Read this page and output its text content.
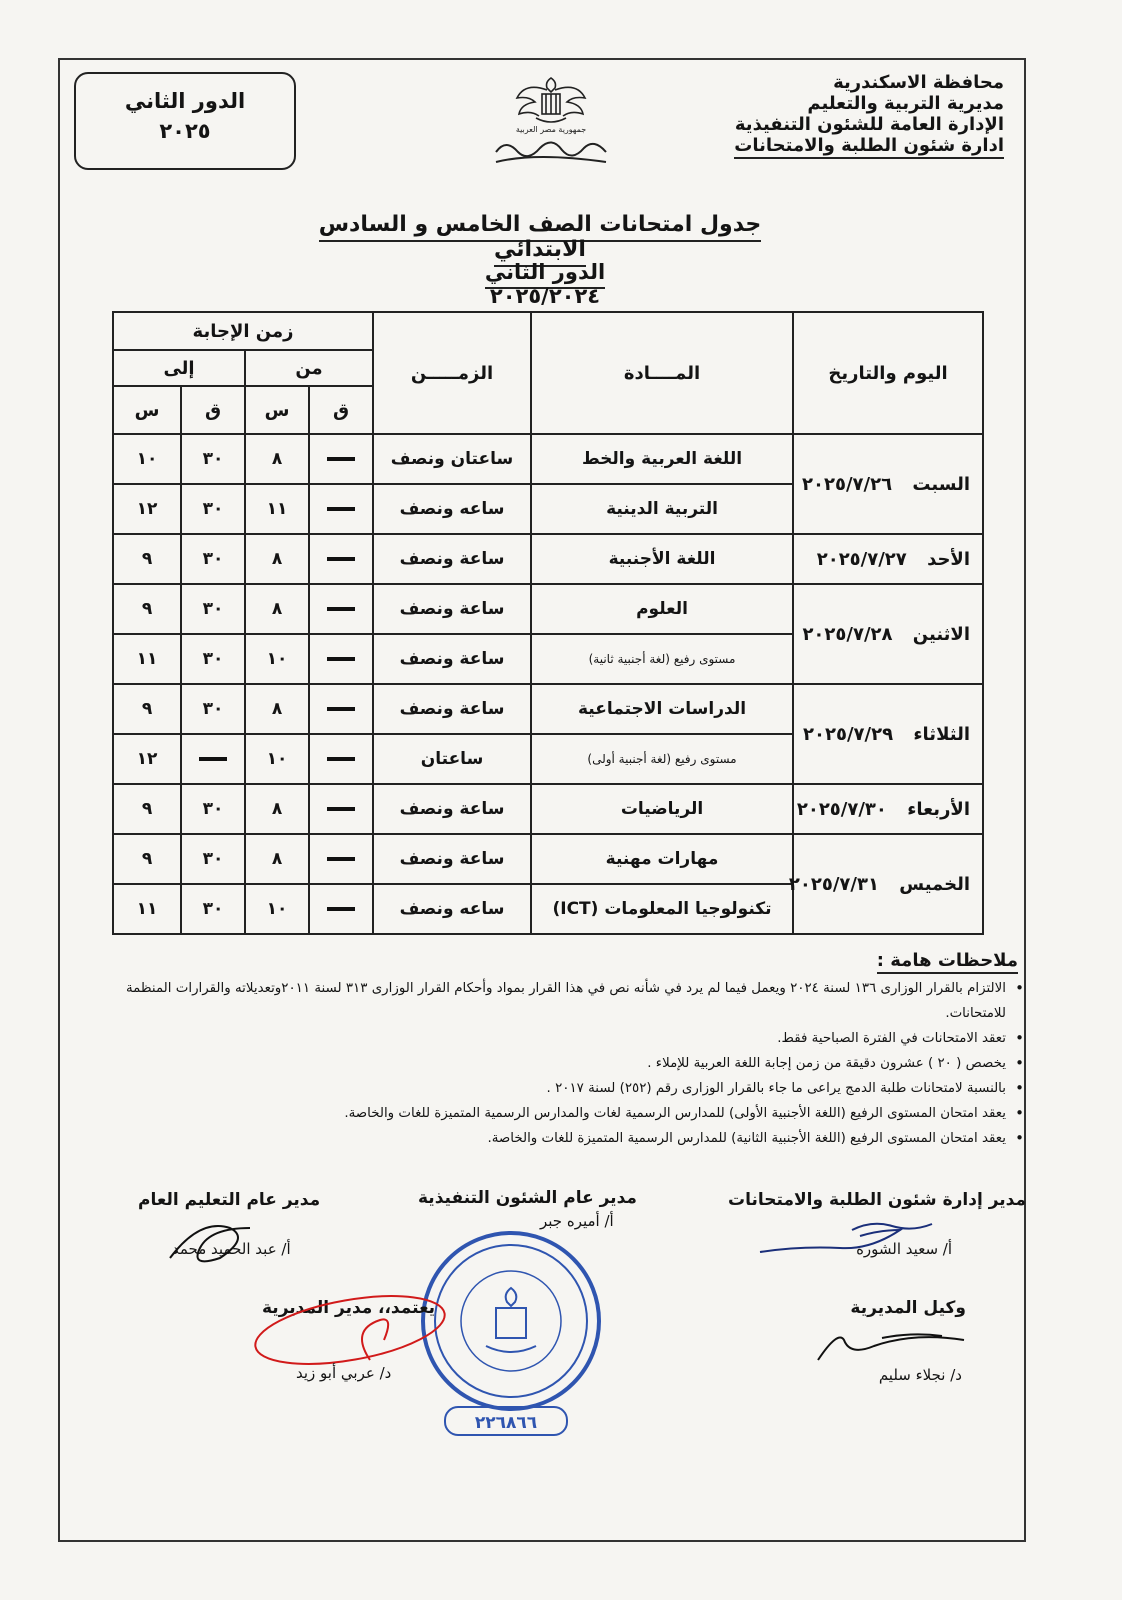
محافظة الاسكندرية
مديرية التربية والتعليم
الإدارة العامة للشئون التنفيذية
ادارة شئون الطلبة والامتحانات
جمهورية مصر العربية
الدور الثاني
٢٠٢٥
جدول امتحانات الصف الخامس و السادس الابتدائي
الدور الثاني ٢٠٢٥/٢٠٢٤
اليوم والتاريخ	المــــادة	الزمـــــن	زمن الإجابة			
			من		إلى	
			ق	س	ق	س
السبت ٢٠٢٥/٧/٢٦	اللغة العربية والخط	ساعتان ونصف		٨	٣٠	١٠
	التربية الدينية	ساعه ونصف		١١	٣٠	١٢
الأحد ٢٠٢٥/٧/٢٧	اللغة الأجنبية	ساعة ونصف		٨	٣٠	٩
الاثنين ٢٠٢٥/٧/٢٨	العلوم	ساعة ونصف		٨	٣٠	٩
	مستوى رفيع (لغة أجنبية ثانية)	ساعة ونصف		١٠	٣٠	١١
الثلاثاء ٢٠٢٥/٧/٢٩	الدراسات الاجتماعية	ساعة ونصف		٨	٣٠	٩
	مستوى رفيع (لغة أجنبية أولى)	ساعتان		١٠		١٢
الأربعاء ٢٠٢٥/٧/٣٠	الرياضيات	ساعة ونصف		٨	٣٠	٩
الخميس ٢٠٢٥/٧/٣١	مهارات مهنية	ساعة ونصف		٨	٣٠	٩
	تكنولوجيا المعلومات (ICT)	ساعه ونصف		١٠	٣٠	١١
ملاحظات هامة :
• الالتزام بالقرار الوزارى ١٣٦ لسنة ٢٠٢٤ ويعمل فيما لم يرد في شأنه نص في هذا القرار بمواد وأحكام القرار الوزارى ٣١٣ لسنة ٢٠١١وتعديلاته والقرارات المنظمة للامتحانات.
• تعقد الامتحانات في الفترة الصباحية فقط.
• يخصص ( ٢٠ ) عشرون دقيقة من زمن إجابة اللغة العربية للإملاء .
• بالنسبة لامتحانات طلبة الدمج يراعى ما جاء بالقرار الوزارى رقم (٢٥٢) لسنة ٢٠١٧ .
• يعقد امتحان المستوى الرفيع (اللغة الأجنبية الأولى) للمدارس الرسمية لغات والمدارس الرسمية المتميزة للغات والخاصة.
• يعقد امتحان المستوى الرفيع (اللغة الأجنبية الثانية) للمدارس الرسمية المتميزة للغات والخاصة.
مدير إدارة شئون الطلبة والامتحانات
مدير عام الشئون التنفيذية
مدير عام التعليم العام
أ/ سعيد الشوره
أ/ أميره جبر
أ/ عبد الحميد محمد
٢٢٦٨٦٦
وكيل المديرية
د/ نجلاء سليم
مدير المديرية يعتمد،،
د/ عربي أبو زيد
